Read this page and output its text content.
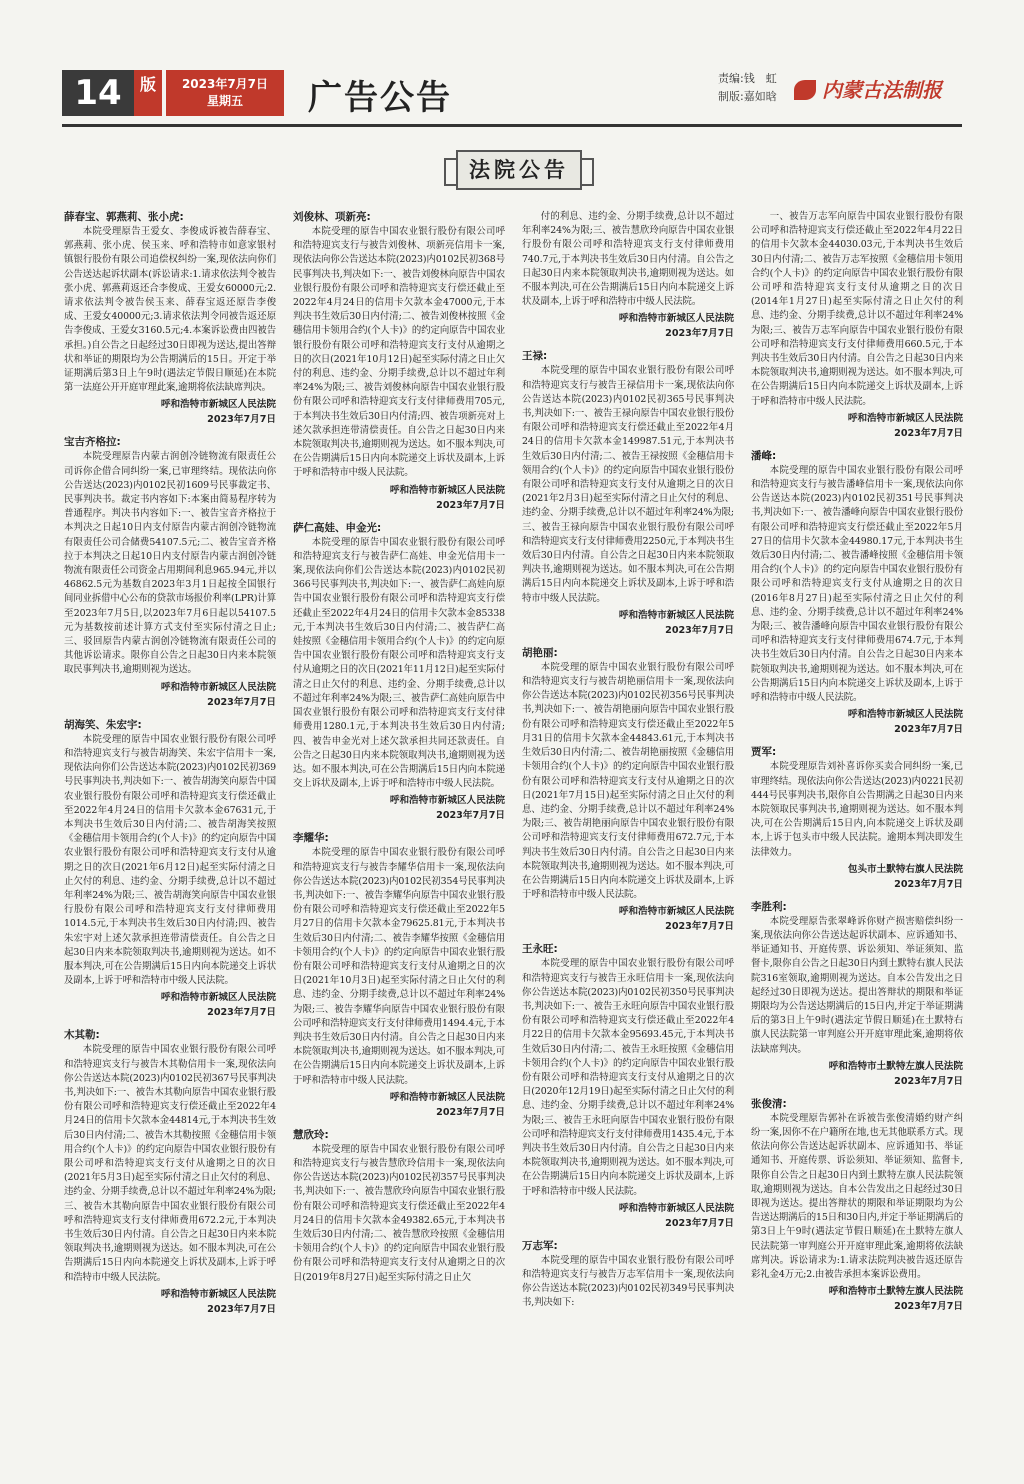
14	版	2023年7月7日
星期五	广告公告	责编:钱　虹
制版:嘉如晗	内蒙古法制报
法院公告
薛春宝、郭燕莉、张小虎:
本院受理原告王爱女、李俊成诉被告薛春宝、郭燕莉、张小虎、侯玉来、呼和浩特市如意家银村镇银行股份有限公司追偿权纠纷一案,现依法向你们公告送达起诉状副本(诉讼请求:1.请求依法判令被告张小虎、郭燕莉返还合李俊成、王爱女60000元;2.请求依法判令被告侯玉来、薛春宝返还原告李俊成、王爱女40000元;3.请求依法判令同被告返还原告李俊成、王爱女3160.5元;4.本案诉讼费由四被告承担。)自公告之日起经过30日即视为送达,提出答辩状和举证的期限均为公告期满后的15日。开定于举证期满后第3日上午9时(遇法定节假日顺延)在本院第一法庭公开开庭审理此案,逾期将依法缺席判决。
呼和浩特市新城区人民法院
2023年7月7日
宝吉齐格拉:
本院受理原告内蒙古润创冷链物流有限责任公司诉你企借合同纠纷一案,已审理终结。现依法向你公告送达(2023)内0102民初1609号民事裁定书、民事判决书。裁定书内容如下:本案由简易程序转为普通程序。判决书内容如下:一、被告宝音齐格拉于本判决之日起10日内支付原告内蒙古润创冷链物流有限责任公司合储费54107.5元;二、被告宝音齐格拉于本判决之日起10日内支付原告内蒙古润创冷链物流有限责任公司资金占用期间利息965.94元,并以46862.5元为基数自2023年3月1日起按全国银行间同业拆借中心公布的贷款市场报价利率(LPR)计算至2023年7月5日,以2023年7月6日起以54107.5元为基数按前述计算方式支付至实际付清之日止;三、驳回原告内蒙古润创冷链物流有限责任公司的其他诉讼请求。限你自公告之日起30日内来本院领取民事判决书,逾期则视为送达。
呼和浩特市新城区人民法院
2023年7月7日
胡海笑、朱宏宇:
本院受理的原告中国农业银行股份有限公司呼和浩特迎宾支行与被告胡海笑、朱宏宇信用卡一案,现依法向你们公告送达本院(2023)内0102民初369号民事判决书,判决如下:一、被告胡海笑向原告中国农业银行股份有限公司呼和浩特迎宾支行偿还截止至2022年4月24日的信用卡欠款本金67631元,于本判决书生效后30日内付清;二、被告胡海笑按照《金穗信用卡领用合约(个人卡)》的约定向原告中国农业银行股份有限公司呼和浩特迎宾支行支付从逾期之日的次日(2021年6月12日)起至实际付清之日止欠付的利息、违约金、分期手续费,总计以不超过年利率24%为限;三、被告胡海笑向原告中国农业银行股份有限公司呼和浩特迎宾支行支付律师费用1014.5元,于本判决书生效后30日内付清;四、被告朱宏宇对上述欠款承担连带清偿责任。自公告之日起30日内来本院领取判决书,逾期则视为送达。如不服本判决,可在公告期满后15日内向本院递交上诉状及副本,上诉于呼和浩特市中级人民法院。
呼和浩特市新城区人民法院
2023年7月7日
木其勒:
本院受理的原告中国农业银行股份有限公司呼和浩特迎宾支行与被告木其勒信用卡一案,现依法向你公告送达本院(2023)内0102民初367号民事判决书,判决如下:一、被告木其勒向原告中国农业银行股份有限公司呼和浩特迎宾支行偿还截止至2022年4月24日的信用卡欠款本金44814元,于本判决书生效后30日内付清;二、被告木其勒按照《金穗信用卡领用合约(个人卡)》的约定向原告中国农业银行股份有限公司呼和浩特迎宾支行支付从逾期之日的次日(2021年5月3日)起至实际付清之日止欠付的利息、违约金、分期手续费,总计以不超过年利率24%为限;三、被告木其勒向原告中国农业银行股份有限公司呼和浩特迎宾支行支付律师费用672.2元,于本判决书生效后30日内付清。自公告之日起30日内来本院领取判决书,逾期则视为送达。如不服本判决,可在公告期满后15日内向本院递交上诉状及副本,上诉于呼和浩特市中级人民法院。
呼和浩特市新城区人民法院
2023年7月7日
刘俊林、项新亮:
本院受理的原告中国农业银行股份有限公司呼和浩特迎宾支行与被告刘俊林、项新亮信用卡一案,现依法向你公告送达本院(2023)内0102民初368号民事判决书,判决如下:一、被告刘俊林向原告中国农业银行股份有限公司呼和浩特迎宾支行偿还截止至2022年4月24日的信用卡欠款本金47000元,于本判决书生效后30日内付清;二、被告刘俊林按照《金穗信用卡领用合约(个人卡)》的约定向原告中国农业银行股份有限公司呼和浩特迎宾支行支付从逾期之日的次日(2021年10月12日)起至实际付清之日止欠付的利息、违约金、分期手续费,总计以不超过年利率24%为限;三、被告刘俊林向原告中国农业银行股份有限公司呼和浩特迎宾支行支付律师费用705元,于本判决书生效后30日内付清;四、被告项新亮对上述欠款承担连带清偿责任。自公告之日起30日内来本院领取判决书,逾期则视为送达。如不服本判决,可在公告期满后15日内向本院递交上诉状及副本,上诉于呼和浩特市中级人民法院。
呼和浩特市新城区人民法院
2023年7月7日
萨仁高娃、申金光:
本院受理的原告中国农业银行股份有限公司呼和浩特迎宾支行与被告萨仁高娃、申金光信用卡一案,现依法向你们公告送达本院(2023)内0102民初366号民事判决书,判决如下:一、被告萨仁高娃向原告中国农业银行股份有限公司呼和浩特迎宾支行偿还截止至2022年4月24日的信用卡欠款本金85338元,于本判决书生效后30日内付清;二、被告萨仁高娃按照《金穗信用卡领用合约(个人卡)》的约定向原告中国农业银行股份有限公司呼和浩特迎宾支行支付从逾期之日的次日(2021年11月12日)起至实际付清之日止欠付的利息、违约金、分期手续费,总计以不超过年利率24%为限;三、被告萨仁高娃向原告中国农业银行股份有限公司呼和浩特迎宾支行支付律师费用1280.1元,于本判决书生效后30日内付清;四、被告申金光对上述欠款承担共同还款责任。自公告之日起30日内来本院领取判决书,逾期则视为送达。如不服本判决,可在公告期满后15日内向本院递交上诉状及副本,上诉于呼和浩特市中级人民法院。
呼和浩特市新城区人民法院
2023年7月7日
李耀华:
本院受理的原告中国农业银行股份有限公司呼和浩特迎宾支行与被告李耀华信用卡一案,现依法向你公告送达本院(2023)内0102民初354号民事判决书,判决如下:一、被告李耀华向原告中国农业银行股份有限公司呼和浩特迎宾支行偿还截止至2022年5月27日的信用卡欠款本金79625.81元,于本判决书生效后30日内付清;二、被告李耀华按照《金穗信用卡领用合约(个人卡)》的约定向原告中国农业银行股份有限公司呼和浩特迎宾支行支付从逾期之日的次日(2021年10月3日)起至实际付清之日止欠付的利息、违约金、分期手续费,总计以不超过年利率24%为限;三、被告李耀华向原告中国农业银行股份有限公司呼和浩特迎宾支行支付律师费用1494.4元,于本判决书生效后30日内付清。自公告之日起30日内来本院领取判决书,逾期则视为送达。如不服本判决,可在公告期满后15日内向本院递交上诉状及副本,上诉于呼和浩特市中级人民法院。
呼和浩特市新城区人民法院
2023年7月7日
慧欣玲:
本院受理的原告中国农业银行股份有限公司呼和浩特迎宾支行与被告慧欣玲信用卡一案,现依法向你公告送达本院(2023)内0102民初357号民事判决书,判决如下:一、被告慧欣玲向原告中国农业银行股份有限公司呼和浩特迎宾支行偿还截止至2022年4月24日的信用卡欠款本金49382.65元,于本判决书生效后30日内付清;二、被告慧欣玲按照《金穗信用卡领用合约(个人卡)》的约定向原告中国农业银行股份有限公司呼和浩特迎宾支行支付从逾期之日的次日(2019年8月27日)起至实际付清之日止欠
付的利息、违约金、分期手续费,总计以不超过年利率24%为限;三、被告慧欣玲向原告中国农业银行股份有限公司呼和浩特迎宾支行支付律师费用740.7元,于本判决书生效后30日内付清。自公告之日起30日内来本院领取判决书,逾期则视为送达。如不服本判决,可在公告期满后15日内向本院递交上诉状及副本,上诉于呼和浩特市中级人民法院。
呼和浩特市新城区人民法院
2023年7月7日
王禄:
本院受理的原告中国农业银行股份有限公司呼和浩特迎宾支行与被告王禄信用卡一案,现依法向你公告送达本院(2023)内0102民初365号民事判决书,判决如下:一、被告王禄向原告中国农业银行股份有限公司呼和浩特迎宾支行偿还截止至2022年4月24日的信用卡欠款本金149987.51元,于本判决书生效后30日内付清;二、被告王禄按照《金穗信用卡领用合约(个人卡)》的约定向原告中国农业银行股份有限公司呼和浩特迎宾支行支付从逾期之日的次日(2021年2月3日)起至实际付清之日止欠付的利息、违约金、分期手续费,总计以不超过年利率24%为限;三、被告王禄向原告中国农业银行股份有限公司呼和浩特迎宾支行支付律师费用2250元,于本判决书生效后30日内付清。自公告之日起30日内来本院领取判决书,逾期则视为送达。如不服本判决,可在公告期满后15日内向本院递交上诉状及副本,上诉于呼和浩特市中级人民法院。
呼和浩特市新城区人民法院
2023年7月7日
胡艳丽:
本院受理的原告中国农业银行股份有限公司呼和浩特迎宾支行与被告胡艳丽信用卡一案,现依法向你公告送达本院(2023)内0102民初356号民事判决书,判决如下:一、被告胡艳丽向原告中国农业银行股份有限公司呼和浩特迎宾支行偿还截止至2022年5月31日的信用卡欠款本金44843.61元,于本判决书生效后30日内付清;二、被告胡艳丽按照《金穗信用卡领用合约(个人卡)》的约定向原告中国农业银行股份有限公司呼和浩特迎宾支行支付从逾期之日的次日(2021年7月15日)起至实际付清之日止欠付的利息、违约金、分期手续费,总计以不超过年利率24%为限;三、被告胡艳丽向原告中国农业银行股份有限公司呼和浩特迎宾支行支付律师费用672.7元,于本判决书生效后30日内付清。自公告之日起30日内来本院领取判决书,逾期则视为送达。如不服本判决,可在公告期满后15日内向本院递交上诉状及副本,上诉于呼和浩特市中级人民法院。
呼和浩特市新城区人民法院
2023年7月7日
王永旺:
本院受理的原告中国农业银行股份有限公司呼和浩特迎宾支行与被告王永旺信用卡一案,现依法向你公告送达本院(2023)内0102民初350号民事判决书,判决如下:一、被告王永旺向原告中国农业银行股份有限公司呼和浩特迎宾支行偿还截止至2022年4月22日的信用卡欠款本金95693.45元,于本判决书生效后30日内付清;二、被告王永旺按照《金穗信用卡领用合约(个人卡)》的约定向原告中国农业银行股份有限公司呼和浩特迎宾支行支付从逾期之日的次日(2020年12月19日)起至实际付清之日止欠付的利息、违约金、分期手续费,总计以不超过年利率24%为限;三、被告王永旺向原告中国农业银行股份有限公司呼和浩特迎宾支行支付律师费用1435.4元,于本判决书生效后30日内付清。自公告之日起30日内来本院领取判决书,逾期则视为送达。如不服本判决,可在公告期满后15日内向本院递交上诉状及副本,上诉于呼和浩特市中级人民法院。
呼和浩特市新城区人民法院
2023年7月7日
万志军:
本院受理的原告中国农业银行股份有限公司呼和浩特迎宾支行与被告万志军信用卡一案,现依法向你公告送达本院(2023)内0102民初349号民事判决书,判决如下:
一、被告万志军向原告中国农业银行股份有限公司呼和浩特迎宾支行偿还截止至2022年4月22日的信用卡欠款本金44030.03元,于本判决书生效后30日内付清;二、被告万志军按照《金穗信用卡领用合约(个人卡)》的约定向原告中国农业银行股份有限公司呼和浩特迎宾支行支付从逾期之日的次日(2014年1月27日)起至实际付清之日止欠付的利息、违约金、分期手续费,总计以不超过年利率24%为限;三、被告万志军向原告中国农业银行股份有限公司呼和浩特迎宾支行支付律师费用660.5元,于本判决书生效后30日内付清。自公告之日起30日内来本院领取判决书,逾期则视为送达。如不服本判决,可在公告期满后15日内向本院递交上诉状及副本,上诉于呼和浩特市中级人民法院。
呼和浩特市新城区人民法院
2023年7月7日
潘峰:
本院受理的原告中国农业银行股份有限公司呼和浩特迎宾支行与被告潘峰信用卡一案,现依法向你公告送达本院(2023)内0102民初351号民事判决书,判决如下:一、被告潘峰向原告中国农业银行股份有限公司呼和浩特迎宾支行偿还截止至2022年5月27日的信用卡欠款本金44980.17元,于本判决书生效后30日内付清;二、被告潘峰按照《金穗信用卡领用合约(个人卡)》的约定向原告中国农业银行股份有限公司呼和浩特迎宾支行支付从逾期之日的次日(2016年8月27日)起至实际付清之日止欠付的利息、违约金、分期手续费,总计以不超过年利率24%为限;三、被告潘峰向原告中国农业银行股份有限公司呼和浩特迎宾支行支付律师费用674.7元,于本判决书生效后30日内付清。自公告之日起30日内来本院领取判决书,逾期则视为送达。如不服本判决,可在公告期满后15日内向本院递交上诉状及副本,上诉于呼和浩特市中级人民法院。
呼和浩特市新城区人民法院
2023年7月7日
贾军:
本院受理原告刘补喜诉你买卖合同纠纷一案,已审理终结。现依法向你公告送达(2023)内0221民初444号民事判决书,限你自公告期满之日起30日内来本院领取民事判决书,逾期则视为送达。如不服本判决,可在公告期满后15日内,向本院递交上诉状及副本,上诉于包头市中级人民法院。逾期本判决即发生法律效力。
包头市土默特右旗人民法院
2023年7月7日
李胜利:
本院受理原告张翠峰诉你财产损害赔偿纠纷一案,现依法向你公告送达起诉状副本、应诉通知书、举证通知书、开庭传票、诉讼须知、举证须知、监督卡,限你自公告之日起30日内到土默特右旗人民法院316室领取,逾期则视为送达。自本公告发出之日起经过30日即视为送达。提出答辩状的期限和举证期限均为公告送达期满后的15日内,并定于举证期满后的第3日上午9时(遇法定节假日顺延)在土默特右旗人民法院第一审判庭公开开庭审理此案,逾期将依法缺席判决。
呼和浩特市土默特左旗人民法院
2023年7月7日
张俊清:
本院受理原告郭补在诉被告张俊清婚约财产纠纷一案,因你不在户籍所在地,也无其他联系方式。现依法向你公告送达起诉状副本、应诉通知书、举证通知书、开庭传票、诉讼须知、举证须知、监督卡,限你自公告之日起30日内到土默特左旗人民法院领取,逾期则视为送达。自本公告发出之日起经过30日即视为送达。提出答辩状的期限和举证期限均为公告送达期满后的15日和30日内,并定于举证期满后的第3日上午9时(遇法定节假日顺延)在土默特左旗人民法院第一审判庭公开开庭审理此案,逾期将依法缺席判决。诉讼请求为:1.请求法院判决被告返还原告彩礼金4万元;2.由被告承担本案诉讼费用。
呼和浩特市土默特左旗人民法院
2023年7月7日
